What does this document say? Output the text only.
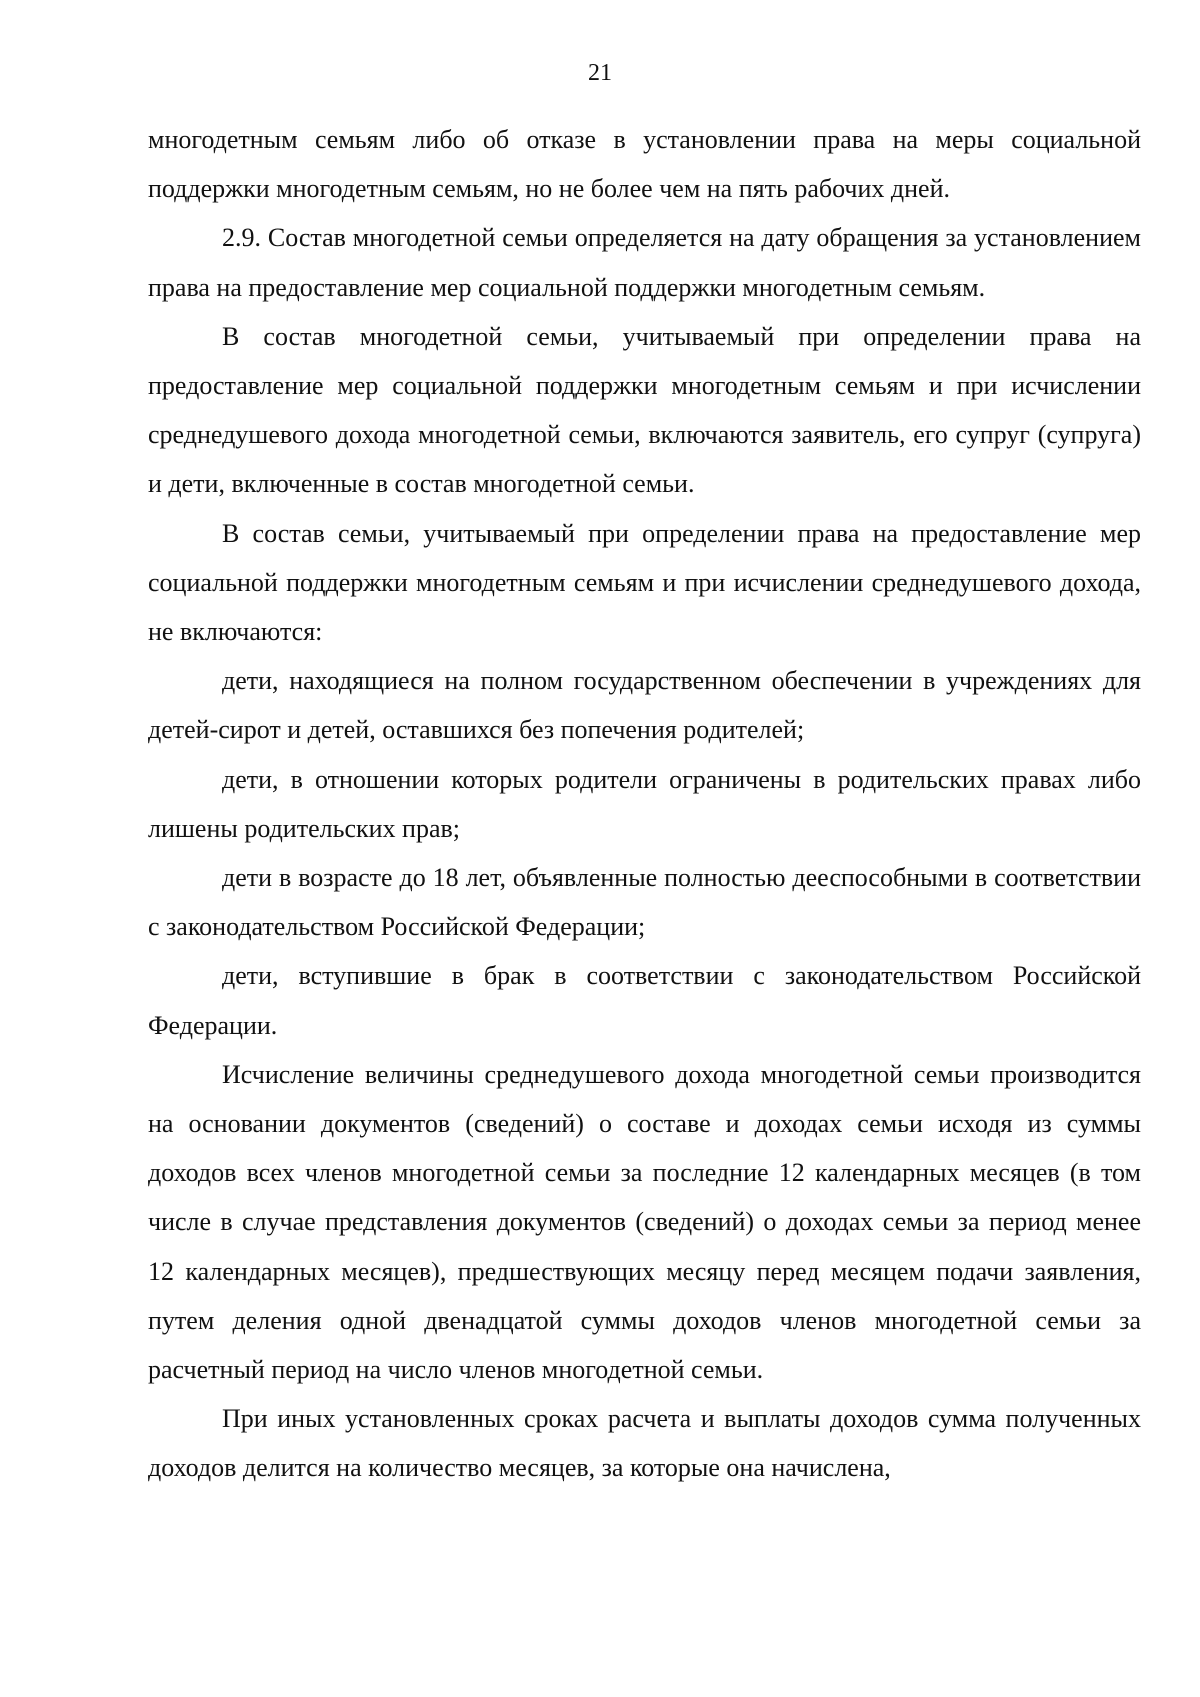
21

многодетным семьям либо об отказе в установлении права на меры социальной поддержки многодетным семьям, но не более чем на пять рабочих дней.

2.9. Состав многодетной семьи определяется на дату обращения за установлением права на предоставление мер социальной поддержки многодетным семьям.

В состав многодетной семьи, учитываемый при определении права на предоставление мер социальной поддержки многодетным семьям и при исчислении среднедушевого дохода многодетной семьи, включаются заявитель, его супруг (супруга) и дети, включенные в состав многодетной семьи.

В состав семьи, учитываемый при определении права на предоставление мер социальной поддержки многодетным семьям и при исчислении среднедушевого дохода, не включаются:

дети, находящиеся на полном государственном обеспечении в учреждениях для детей-сирот и детей, оставшихся без попечения родителей;

дети, в отношении которых родители ограничены в родительских правах либо лишены родительских прав;

дети в возрасте до 18 лет, объявленные полностью дееспособными в соответствии с законодательством Российской Федерации;

дети, вступившие в брак в соответствии с законодательством Российской Федерации.

Исчисление величины среднедушевого дохода многодетной семьи производится на основании документов (сведений) о составе и доходах семьи исходя из суммы доходов всех членов многодетной семьи за последние 12 календарных месяцев (в том числе в случае представления документов (сведений) о доходах семьи за период менее 12 календарных месяцев), предшествующих месяцу перед месяцем подачи заявления, путем деления одной двенадцатой суммы доходов членов многодетной семьи за расчетный период на число членов многодетной семьи.

При иных установленных сроках расчета и выплаты доходов сумма полученных доходов делится на количество месяцев, за которые она начислена,
